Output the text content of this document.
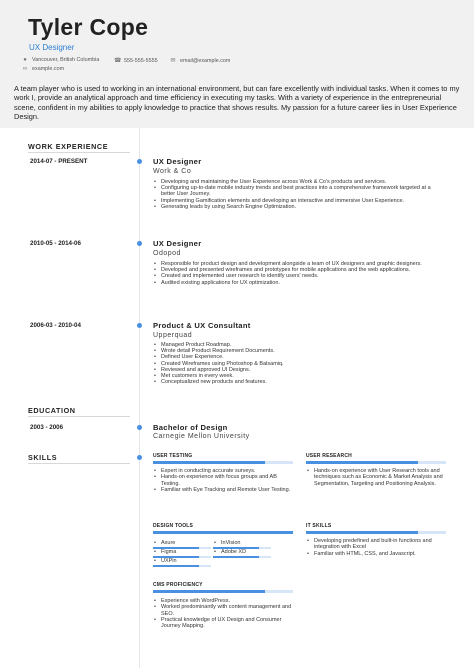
Tyler Cope
UX Designer
● Vancouver, British Columbia ☎ 555-555-5555 ✉ email@example.com
∞ example.com

A team player who is used to working in an international environment, but can fare excellently with individual tasks. When it comes to my work I, provide an analytical approach and time efficiency in executing my tasks. With a variety of experience in the entrepreneurial scene, confident in my abilities to apply knowledge to practice that shows results. My passion for a future career lies in User Experience Design.

WORK EXPERIENCE
2014-07 - PRESENT	UX Designer
Work & Co
• Developing and maintaining the User Experience across Work & Co's products and services.
• Configuring up-to-date mobile industry trends and best practices into a comprehensive framework targeted at a better User Journey.
• Implementing Gamification elements and developing an interactive and immersive User Experience.
• Generating leads by using Search Engine Optimization.
2010-05 - 2014-06	UX Designer
Odopod
• Responsible for product design and development alongside a team of UX designers and graphic designers.
• Developed and presented wireframes and prototypes for mobile applications and the web applications.
• Created and implemented user research to identify users' needs.
• Audited existing applications for UX optimization.
2006-03 - 2010-04	Product & UX Consultant
Upperquad
• Managed Product Roadmap.
• Wrote detail Product Requirement Documents.
• Defined User Experience.
• Created Wireframes using Photoshop & Balsamiq.
• Reviewed and approved UI Designs.
• Met customers in every week.
• Conceptualized new products and features.
EDUCATION
2003 - 2006	Bachelor of Design
Carnegie Mellon University
SKILLS	USER TESTING
• Expert in conducting accurate surveys.
• Hands-on experience with focus groups and AB Testing.
• Familiar with Eye Tracking and Remote User Testing.
USER RESEARCH
• Hands-on experience with User Research tools and techniques such as Economic & Market Analysis and Segmentation, Targeting and Positioning Analysis.
DESIGN TOOLS
• Axure	• InVision
• Figma	• Adobe XD
• UXPin
IT SKILLS
• Developing predefined and built-in functions and integration with Excel
• Familiar with HTML, CSS, and Javascript.
CMS PROFICIENCY
• Experience with WordPress.
• Worked predominantly with content management and SEO.
• Practical knowledge of UX Design and Consumer Journey Mapping.
